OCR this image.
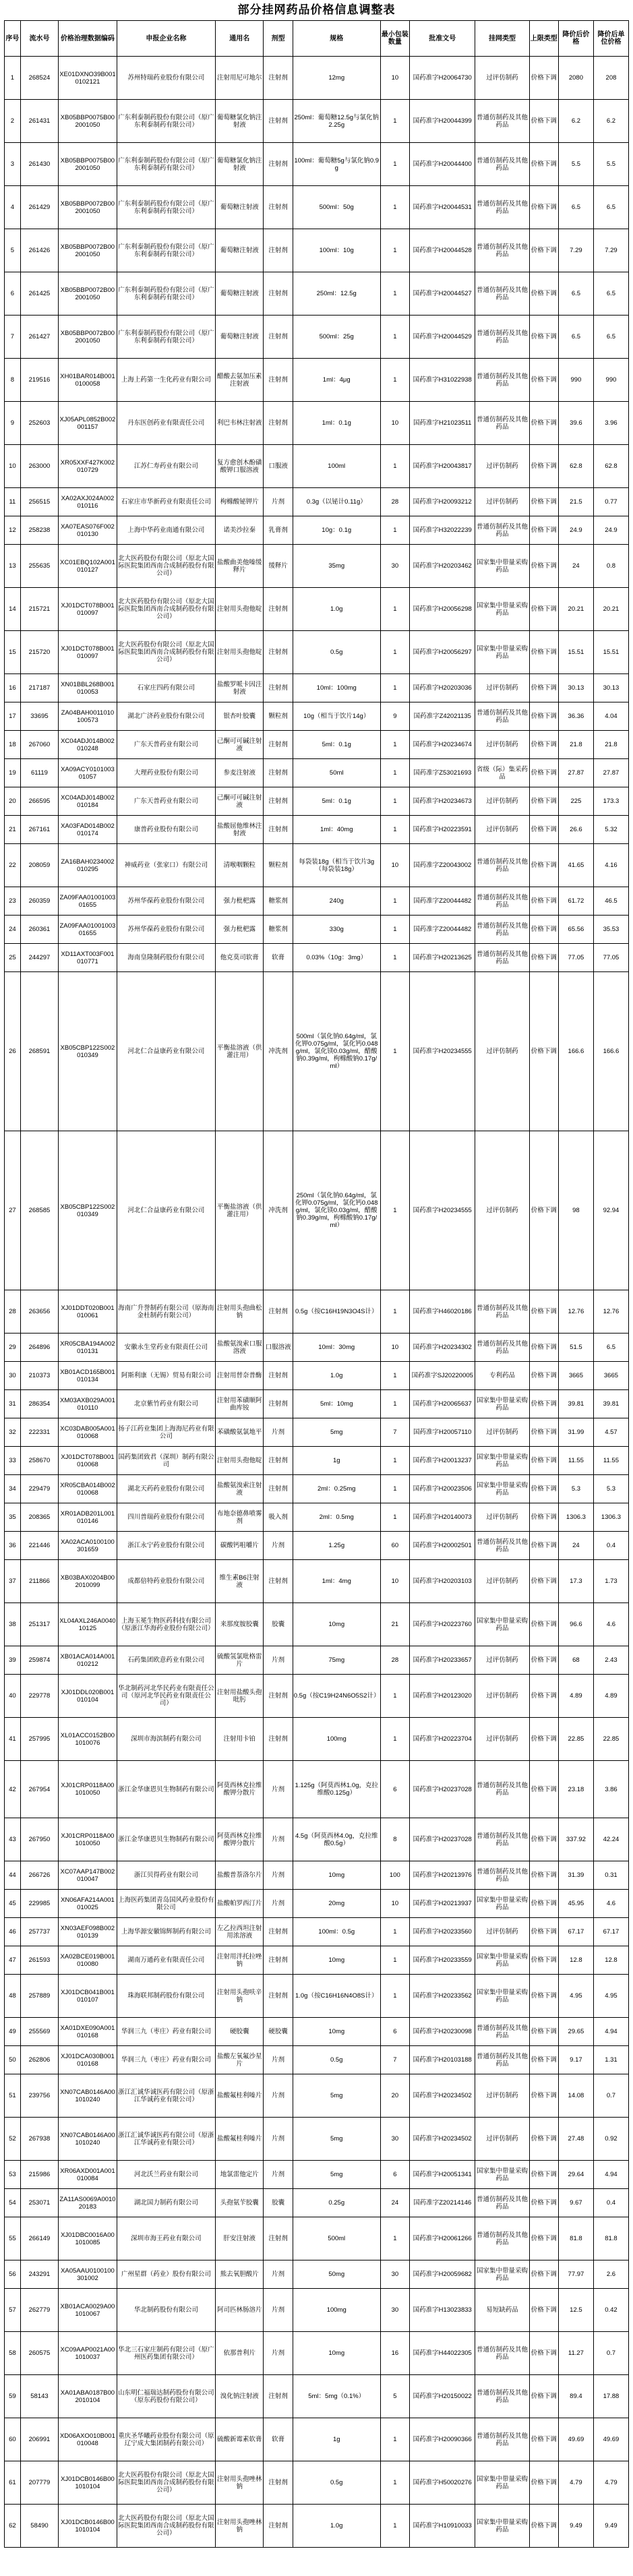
部分挂网药品价格信息调整表
序号	流水号	价格治理数据编码	申报企业名称	通用名	剂型	规格	最小包装数量	批准文号	挂网类型	上限类型	降价后价格	降价后单位价格
1	268524	XE01DXNO39B0010102121	苏州特瑞药业股份有限公司	注射用尼可地尔	注射剂	12mg	10	国药准字H20064730	过评仿制药	价格下调	2080	208
2	261431	XB05BBP0075B002001050	广东利泰制药股份有限公司（原广东利泰制药有限公司）	葡萄糖氯化钠注射液	注射剂	250ml：葡萄糖12.5g与氯化钠2.25g	1	国药准字H20044399	普通仿制药及其他药品	价格下调	6.2	6.2
3	261430	XB05BBP0075B002001050	广东利泰制药股份有限公司（原广东利泰制药有限公司）	葡萄糖氯化钠注射液	注射剂	100ml：葡萄糖5g与氯化钠0.9g	1	国药准字H20044400	普通仿制药及其他药品	价格下调	5.5	5.5
4	261429	XB05BBP0072B002001050	广东利泰制药股份有限公司（原广东利泰制药有限公司）	葡萄糖注射液	注射剂	500ml：50g	1	国药准字H20044531	普通仿制药及其他药品	价格下调	6.5	6.5
5	261426	XB05BBP0072B002001050	广东利泰制药股份有限公司（原广东利泰制药有限公司）	葡萄糖注射液	注射剂	100ml：10g	1	国药准字H20044528	普通仿制药及其他药品	价格下调	7.29	7.29
6	261425	XB05BBP0072B002001050	广东利泰制药股份有限公司（原广东利泰制药有限公司）	葡萄糖注射液	注射剂	250ml：12.5g	1	国药准字H20044527	普通仿制药及其他药品	价格下调	6.5	6.5
7	261427	XB05BBP0072B002001050	广东利泰制药股份有限公司（原广东利泰制药有限公司）	葡萄糖注射液	注射剂	500ml：25g	1	国药准字H20044529	普通仿制药及其他药品	价格下调	6.5	6.5
8	219516	XH01BAR014B0010100058	上海上药第一生化药业有限公司	醋酸去氨加压素注射液	注射剂	1ml：4μg	1	国药准字H31022938	普通仿制药及其他药品	价格下调	990	990
9	252603	XJ05APL0852B002001157	丹东医创药业有限责任公司	利巴韦林注射液	注射剂	1ml：0.1g	10	国药准字H21023511	普通仿制药及其他药品	价格下调	39.6	3.96
10	263000	XR05XXF427K002010729	江苏仁寿药业有限公司	复方愈创木酚磺酸钾口服溶液	口服液	100ml	1	国药准字H20043817	过评仿制药	价格下调	62.8	62.8
11	256515	XA02AXJ024A002010116	石家庄市华新药业有限责任公司	枸橼酸铋钾片	片剂	0.3g（以铋计0.11g）	28	国药准字H20093212	过评仿制药	价格下调	21.5	0.77
12	258238	XA07EAS076F002010130	上海中华药业南通有限公司	诺美沙拉秦	乳膏剂	10g：0.1g	1	国药准字H32022239	普通仿制药及其他药品	价格下调	24.9	24.9
13	255635	XC01EBQ102A001010127	北大医药股份有限公司（原北大国际医院集团西南合成制药股份有限公司）	盐酸曲美他嗪缓释片	缓释片	35mg	30	国药准字H20203462	国家集中带量采购药品	价格下调	24	0.8
14	215721	XJ01DCT078B001010097	北大医药股份有限公司（原北大国际医院集团西南合成制药股份有限公司）	注射用头孢他啶	注射剂	1.0g	1	国药准字H20056298	国家集中带量采购药品	价格下调	20.21	20.21
15	215720	XJ01DCT078B001010097	北大医药股份有限公司（原北大国际医院集团西南合成制药股份有限公司）	注射用头孢他啶	注射剂	0.5g	1	国药准字H20056297	国家集中带量采购药品	价格下调	15.51	15.51
16	217187	XN01BBL268B001010053	石家庄四药有限公司	盐酸罗哌卡因注射液	注射剂	10ml：100mg	1	国药准字H20203036	过评仿制药	价格下调	30.13	30.13
17	33695	ZA04BAH0011010100573	湖北广济药业股份有限公司	银杏叶胶囊	颗粒剂	10g（相当于饮片14g）	9	国药准字Z42021135	普通仿制药及其他药品	价格下调	36.36	4.04
18	267060	XC04ADJ014B002010248	广东天普药业有限公司	己酮可可碱注射液	注射剂	5ml：0.1g	1	国药准字H20234674	过评仿制药	价格下调	21.8	21.8
19	61119	XA09ACY010100301057	大理药业股份有限公司	参麦注射液	注射剂	50ml	1	国药准字Z53021693	省级（际）集采药品	价格下调	27.87	27.87
20	266595	XC04ADJ014B002010184	广东天普药业有限公司	己酮可可碱注射液	注射剂	5ml：0.1g	1	国药准字H20234673	过评仿制药	价格下调	225	173.3
21	267161	XA03FAD014B002010174	康普药业股份有限公司	盐酸屈他维林注射液	注射剂	1ml：40mg	1	国药准字H20223591	过评仿制药	价格下调	26.6	5.32
22	208059	ZA16BAH0234002010295	神威药业（张家口）有限公司	清喉咽颗粒	颗粒剂	每袋装18g（相当于饮片3g（每袋装18g）	10	国药准字Z20043002	普通仿制药及其他药品	价格下调	41.65	4.16
23	260359	ZA09FAA0100100301655	苏州华葆药业股份有限公司	强力枇杷露	糖浆剂	240g	1	国药准字Z20044482	普通仿制药及其他药品	价格下调	61.72	46.5
24	260361	ZA09FAA0100100301655	苏州华葆药业股份有限公司	强力枇杷露	糖浆剂	330g	1	国药准字Z20044482	普通仿制药及其他药品	价格下调	65.56	35.53
25	244297	XD11AXT003F001010771	海南皇隆制药股份有限公司	他克莫司软膏	软膏	0.03%（10g：3mg）	1	国药准字H20213625	普通仿制药及其他药品	价格下调	77.05	77.05
26	268591	XB05CBP122S002010349	河北仁合益康药业有限公司	平衡盐溶液（供灌注用）	冲洗剂	500ml（氯化钠0.64g/ml，氯化钾0.075g/ml，氯化钙0.048g/ml，氯化镁0.03g/ml，醋酸钠0.39g/ml，枸橼酸钠0.17g/ml）	1	国药准字H20234555	过评仿制药	价格下调	166.6	166.6
27	268585	XB05CBP122S002010349	河北仁合益康药业有限公司	平衡盐溶液（供灌注用）	冲洗剂	250ml（氯化钠0.64g/ml，氯化钾0.075g/ml，氯化钙0.048g/ml，氯化镁0.03g/ml，醋酸钠0.39g/ml，枸橼酸钠0.17g/ml）	1	国药准字H20234555	过评仿制药	价格下调	98	92.94
28	263656	XJ01DDT020B001010061	海南广升誉制药有限公司（原海南金杜制药有限公司）	注射用头孢曲松钠	注射剂	0.5g（按C16H19N3O4S计）	1	国药准字H46020186	普通仿制药及其他药品	价格下调	12.76	12.76
29	264896	XR05CBA194A002010131	安徽永生堂药业有限责任公司	盐酸氨溴索口服溶液	口服溶液	10ml：30mg	10	国药准字H20234302	普通仿制药及其他药品	价格下调	51.5	6.5
30	210373	XB01ACD165B001010134	阿斯利康（无锡）贸易有限公司	注射用替奈普酶	注射剂	1.0g	1	国药准字SJ20220005	专利药品	价格下调	3665	3665
31	286354	XM03AXB029A001010110	北京紫竹药业有限公司	注射用苯磺顺阿曲库铵	注射剂	5ml：10mg	1	国药准字H20065637	国家集中带量采购药品	价格下调	39.81	39.81
32	222331	XC03DAB005A001010068	扬子江药业集团上海海尼药业有限公司	苯磺酸氨氯地平	片剂	5mg	7	国药准字H20057110	过评仿制药	价格下调	31.99	4.57
33	258670	XJ01DCT078B001010068	国药集团致君（深圳）制药有限公司	注射用头孢他啶	注射剂	1g	1	国药准字H20013237	国家集中带量采购药品	价格下调	11.55	11.55
34	229479	XR05CBA014B002010068	湖北天药药业股份有限公司	盐酸氨溴索注射液	注射剂	2ml：0.25mg	1	国药准字H20023506	国家集中带量采购药品	价格下调	5.3	5.3
35	208365	XR01ADB201L001010146	四川普瑞药业股份有限公司	布地奈德鼻喷雾剂	吸入剂	2ml：0.5mg	1	国药准字H20140073	过评仿制药	价格下调	1306.3	1306.3
36	221446	XA02ACA0100100301659	浙江永宁药业股份有限公司	碳酸钙咀嚼片	片剂	1.25g	60	国药准字H20002501	普通仿制药及其他药品	价格下调	24	0.4
37	211866	XB03BAX0204B002010099	成都倍特药业股份有限公司	维生素B6注射液	注射剂	1ml：4mg	10	国药准字H20203103	过评仿制药	价格下调	17.3	1.73
38	251317	XL04AXL246A004010125	上海玉冕生物医药科技有限公司（原浙江华海药业股份有限公司）	来那度胺胶囊	胶囊	10mg	21	国药准字H20223760	国家集中带量采购药品	价格下调	96.6	4.6
39	259874	XB01ACA014A001010212	石药集团欧意药业有限公司	硫酸氢氯吡格雷片	片剂	75mg	28	国药准字H20233657	过评仿制药	价格下调	68	2.43
40	229778	XJ01DDL020B001010104	华北制药河北华民药业有限责任公司（原河北华民药业有限责任公司）	注射用盐酸头孢吡肟	注射剂	0.5g（按C19H24N6O5S2计）	1	国药准字H20123020	过评仿制药	价格下调	4.89	4.89
41	257995	XL01ACC0152B001010076	深圳市海滨制药有限公司	注射用卡铂	注射剂	100mg	1	国药准字H20223704	过评仿制药	价格下调	22.85	22.85
42	267954	XJ01CRP0118A001010050	浙江金华康恩贝生物制药有限公司	阿莫西林克拉维酸钾分散片	片剂	1.125g（阿莫西林1.0g，克拉维酸0.125g）	6	国药准字H20237028	普通仿制药及其他药品	价格下调	23.18	3.86
43	267950	XJ01CRP0118A001010050	浙江金华康恩贝生物制药有限公司	阿莫西林克拉维酸钾分散片	片剂	4.5g（阿莫西林4.0g，克拉维酸0.5g）	8	国药准字H20237028	普通仿制药及其他药品	价格下调	337.92	42.24
44	266726	XC07AAP147B002010047	浙江贝得药业有限公司	盐酸普萘洛尔片	片剂	10mg	100	国药准字H20213976	普通仿制药及其他药品	价格下调	31.39	0.31
45	229985	XN06AFA214A001010025	上海医药集团青岛国风药业股份有限公司	盐酸帕罗西汀片	片剂	20mg	10	国药准字H20213937	国家集中带量采购药品	价格下调	45.95	4.6
46	257737	XN03AEF098B002010139	上海华源安徽锦辉制药有限公司	左乙拉西坦注射用浓溶液	注射剂	100ml：0.5g	1	国药准字H20233560	过评仿制药	价格下调	67.17	67.17
47	261593	XA02BCE019B001010080	湖南万通药业有限责任公司	注射用泮托拉唑钠	注射剂	10mg	1	国药准字H20233559	国家集中带量采购药品	价格下调	12.8	12.8
48	257889	XJ01DCB041B001010107	珠海联邦制药股份有限公司	注射用头孢呋辛钠	注射剂	1.0g（按C16H16N4O8S计）	1	国药准字H20233562	国家集中带量采购药品	价格下调	4.95	4.95
49	255569	XA01DXE090A001010168	华润三九（枣庄）药业有限公司	硬胶囊	硬胶囊	10mg	6	国药准字H20230098	普通仿制药及其他药品	价格下调	29.65	4.94
50	262806	XJ01DCA030B001010168	华润三九（枣庄）药业有限公司	盐酸左氧氟沙星片	片剂	0.5g	7	国药准字H20103188	普通仿制药及其他药品	价格下调	9.17	1.31
51	239756	XN07CAB0146A001010240	浙江汇诚华诚医药有限公司（原浙江华诚药业有限公司）	盐酸氟桂利嗪片	片剂	5mg	20	国药准字H20234502	过评仿制药	价格下调	14.08	0.7
52	267938	XN07CAB0146A001010240	浙江汇诚华诚医药有限公司（原浙江华诚药业有限公司）	盐酸氟桂利嗪片	片剂	5mg	30	国药准字H20234502	过评仿制药	价格下调	27.48	0.92
53	215986	XR06AXD001A001010084	河北沃兰药业有限公司	地氯雷他定片	片剂	5mg	6	国药准字H20051341	国家集中带量采购药品	价格下调	29.64	4.94
54	253071	ZA11AS0069A001020183	湖北国力制药有限公司	头孢氨苄胶囊	胶囊	0.25g	24	国药准字Z20214146	普通仿制药及其他药品	价格下调	9.67	0.4
55	266149	XJ01DBC0016A001010085	深圳市海王药业有限公司	肝安注射液	注射剂	500ml	1	国药准字H20061266	普通仿制药及其他药品	价格下调	81.8	81.8
56	243291	XA05AAU0100100301002	广州星群（药业）股份有限公司	熊去氧胆酸片	片剂	50mg	30	国药准字H20059682	国家集中带量采购药品	价格下调	77.97	2.6
57	262779	XB01ACA0029A001010067	华北制药股份有限公司	阿司匹林肠溶片	片剂	100mg	30	国药准字H13023833	易短缺药品	价格下调	12.5	0.42
58	260575	XC09AAP0021A001010037	华北三石家庄制药有限公司（原广州医药集团有限公司）	依那普利片	片剂	10mg	16	国药准字H44022305	普通仿制药及其他药品	价格下调	11.27	0.7
59	58143	XA01ABA0187B002010104	山东明仁福瑞达制药股份有限公司（原东药股份有限公司）	溴化钠注射液	注射剂	5ml：5mg（0.1%）	5	国药准字H20150022	普通仿制药及其他药品	价格下调	89.4	17.88
60	206991	XD06AXO010B001010048	重庆圣华曦药业股份有限公司（原辽宁成大集团制药有限公司）	硫酸新霉素软膏	软膏	1g	1	国药准字H20090366	普通仿制药及其他药品	价格下调	49.69	49.69
61	207779	XJ01DCB0146B001010104	北大医药股份有限公司（原北大国际医院集团西南合成制药股份有限公司）	注射用头孢唑林钠	注射剂	0.5g	1	国药准字H50020276	国家集中带量采购药品	价格下调	4.79	4.79
62	58490	XJ01DCB0146B001010104	北大医药股份有限公司（原北大国际医院集团西南合成制药股份有限公司）	注射用头孢唑林钠	注射剂	1.0g	1	国药准字H10910033	国家集中带量采购药品	价格下调	9.49	9.49
